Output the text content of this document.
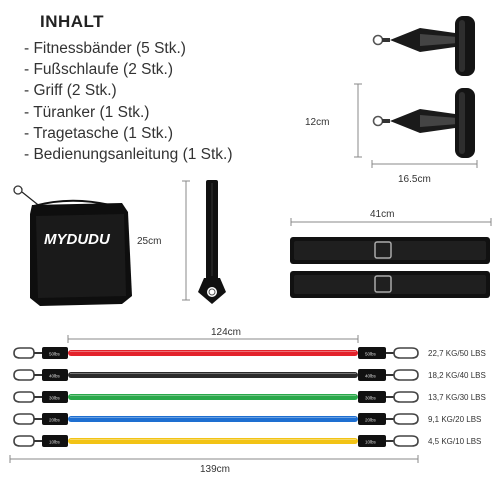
INHALT
- Fitnessbänder (5 Stk.)
- Fußschlaufe (2 Stk.)
- Griff (2 Stk.)
- Türanker (1 Stk.)
- Tragetasche (1 Stk.)
- Bedienungsanleitung (1 Stk.)
12cm
16.5cm
MYDUDU	25cm
41cm
124cm
50lbs	50lbs	22,7 KG/50 LBS
40lbs	40lbs	18,2 KG/40 LBS
30lbs	30lbs	13,7 KG/30 LBS
20lbs	20lbs	9,1 KG/20 LBS
10lbs	10lbs	4,5 KG/10 LBS
139cm
